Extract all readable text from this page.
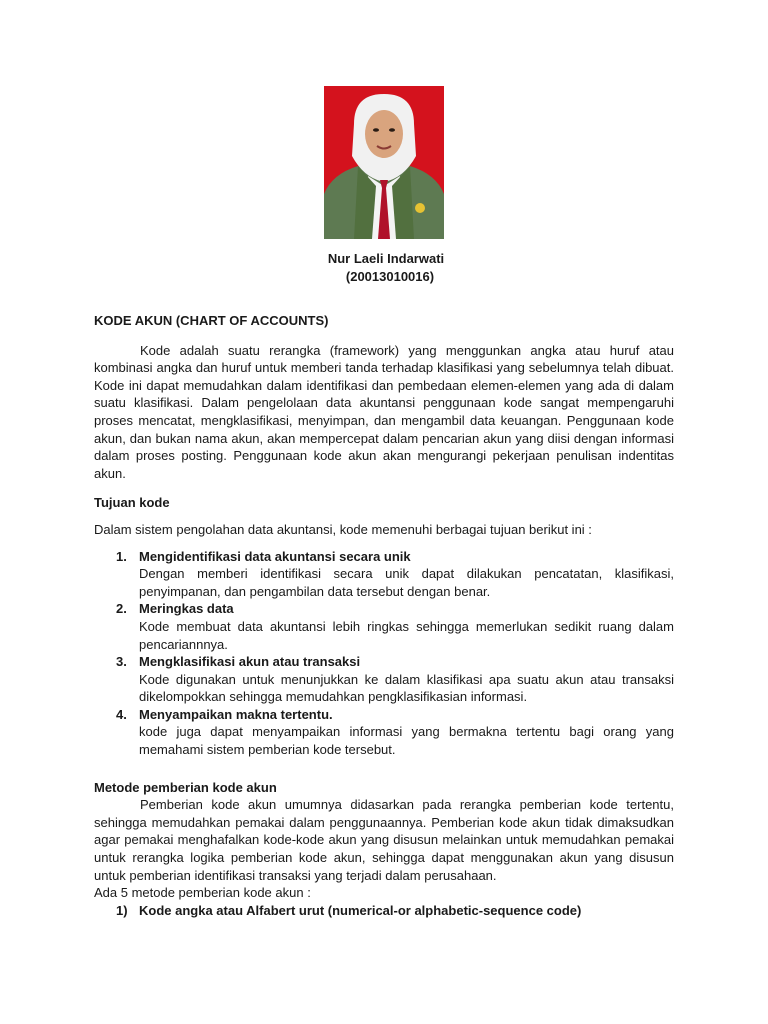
Nur Laeli Indarwati
(20013010016)
KODE AKUN (CHART OF ACCOUNTS)

Kode adalah suatu rerangka (framework) yang menggunkan angka atau huruf atau kombinasi angka dan huruf untuk memberi tanda terhadap klasifikasi yang sebelumnya telah dibuat. Kode ini dapat memudahkan dalam identifikasi dan pembedaan elemen-elemen yang ada di dalam suatu klasifikasi. Dalam pengelolaan data akuntansi penggunaan kode sangat mempengaruhi proses mencatat, mengklasifikasi, menyimpan, dan mengambil data keuangan. Penggunaan kode akun, dan bukan nama akun, akan mempercepat dalam pencarian akun yang diisi dengan informasi dalam proses posting. Penggunaan kode akun akan mengurangi pekerjaan penulisan indentitas akun.

Tujuan kode

Dalam sistem pengolahan data akuntansi, kode memenuhi berbagai tujuan berikut ini :

1. Mengidentifikasi data akuntansi secara unik
Dengan memberi identifikasi secara unik dapat dilakukan pencatatan, klasifikasi, penyimpanan, dan pengambilan data tersebut dengan benar.
2. Meringkas data
Kode membuat data akuntansi lebih ringkas sehingga memerlukan sedikit ruang dalam pencariannnya.
3. Mengklasifikasi akun atau transaksi
Kode digunakan untuk menunjukkan ke dalam klasifikasi apa suatu akun atau transaksi dikelompokkan sehingga memudahkan pengklasifikasian informasi.
4. Menyampaikan makna tertentu.
kode juga dapat menyampaikan informasi yang bermakna tertentu bagi orang yang memahami sistem pemberian kode tersebut.
Metode pemberian kode akun

Pemberian kode akun umumnya didasarkan pada rerangka pemberian kode tertentu, sehingga memudahkan pemakai dalam penggunaannya. Pemberian kode akun tidak dimaksudkan agar pemakai menghafalkan kode-kode akun yang disusun melainkan untuk memudahkan pemakai untuk rerangka logika pemberian kode akun, sehingga dapat menggunakan akun yang disusun untuk pemberian identifikasi transaksi yang terjadi dalam perusahaan.

Ada 5 metode pemberian kode akun :

1) Kode angka atau Alfabert urut (numerical-or alphabetic-sequence code)
